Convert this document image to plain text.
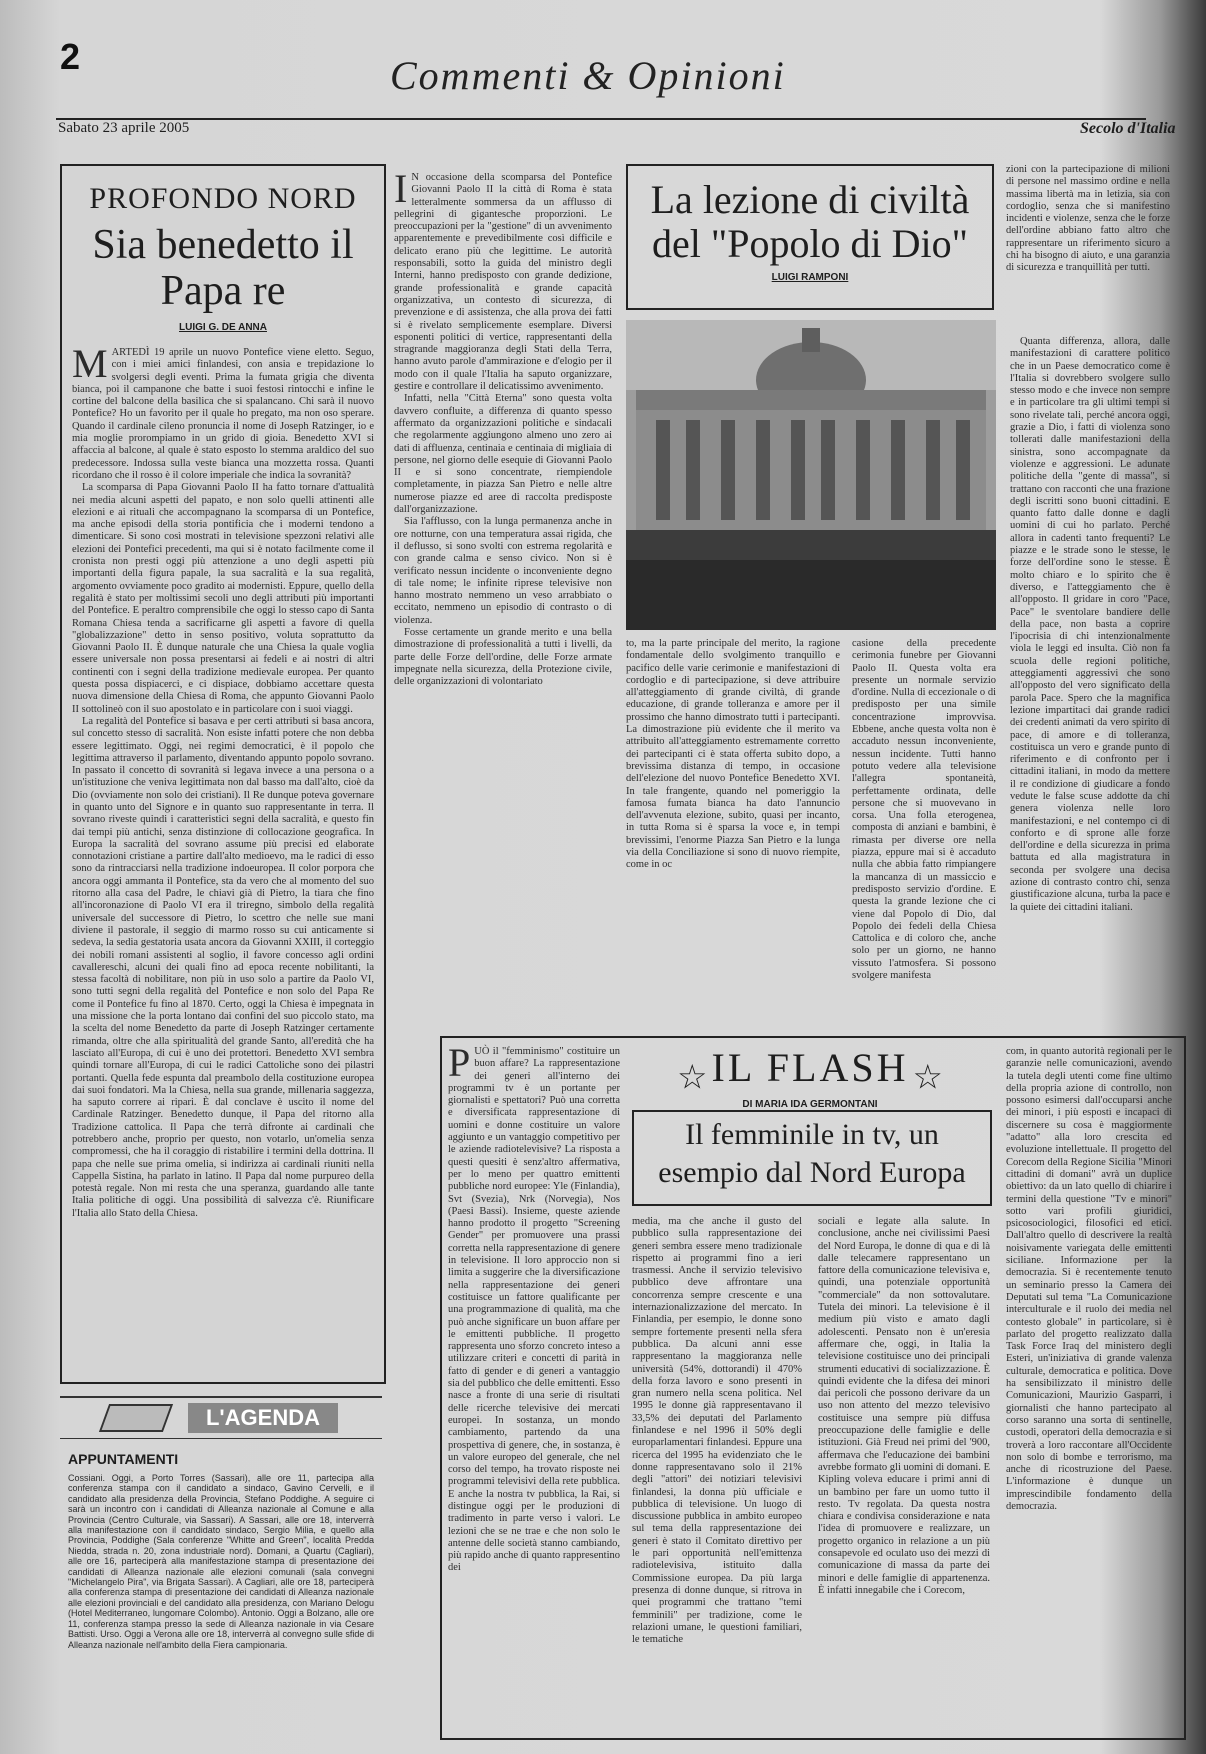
2	Commenti & Opinioni
Sabato 23 aprile 2005	Secolo d'Italia
PROFONDO NORD
Sia benedetto il Papa re
LUIGI G. DE ANNA

MARTEDÌ 19 aprile un nuovo Pontefice viene eletto. Seguo, con i miei amici finlandesi, con ansia e trepidazione lo svolgersi degli eventi. Prima la fumata grigia che diventa bianca, poi il campanone che batte i suoi festosi rintocchi e infine le cortine del balcone della basilica che si spalancano. Chi sarà il nuovo Pontefice? Ho un favorito per il quale ho pregato, ma non oso sperare. Quando il cardinale cileno pronuncia il nome di Joseph Ratzinger, io e mia moglie prorompiamo in un grido di gioia. Benedetto XVI si affaccia al balcone, al quale è stato esposto lo stemma araldico del suo predecessore. Indossa sulla veste bianca una mozzetta rossa. Quanti ricordano che il rosso è il colore imperiale che indica la sovranità?

La scomparsa di Papa Giovanni Paolo II ha fatto tornare d'attualità nei media alcuni aspetti del papato, e non solo quelli attinenti alle elezioni e ai rituali che accompagnano la scomparsa di un Pontefice, ma anche episodi della storia pontificia che i moderni tendono a dimenticare. Si sono così mostrati in televisione spezzoni relativi alle elezioni dei Pontefici precedenti, ma qui si è notato facilmente come il cronista non presti oggi più attenzione a uno degli aspetti più importanti della figura papale, la sua sacralità e la sua regalità, argomento ovviamente poco gradito ai modernisti. Eppure, quello della regalità è stato per moltissimi secoli uno degli attributi più importanti del Pontefice. E peraltro comprensibile che oggi lo stesso capo di Santa Romana Chiesa tenda a sacrificarne gli aspetti a favore di quella "globalizzazione" detto in senso positivo, voluta soprattutto da Giovanni Paolo II. È dunque naturale che una Chiesa la quale voglia essere universale non possa presentarsi ai fedeli e ai nostri di altri continenti con i segni della tradizione medievale europea. Per quanto questa possa dispiacerci, e ci dispiace, dobbiamo accettare questa nuova dimensione della Chiesa di Roma, che appunto Giovanni Paolo II sottolineò con il suo apostolato e in particolare con i suoi viaggi.

La regalità del Pontefice si basava e per certi attributi si basa ancora, sul concetto stesso di sacralità. Non esiste infatti potere che non debba essere legittimato. Oggi, nei regimi democratici, è il popolo che legittima attraverso il parlamento, diventando appunto popolo sovrano. In passato il concetto di sovranità si legava invece a una persona o a un'istituzione che veniva legittimata non dal basso ma dall'alto, cioè da Dio (ovviamente non solo dei cristiani). Il Re dunque poteva governare in quanto unto del Signore e in quanto suo rappresentante in terra. Il sovrano riveste quindi i caratteristici segni della sacralità, e questo fin dai tempi più antichi, senza distinzione di collocazione geografica. In Europa la sacralità del sovrano assume più precisi ed elaborate connotazioni cristiane a partire dall'alto medioevo, ma le radici di esso sono da rintracciarsi nella tradizione indoeuropea. Il color porpora che ancora oggi ammanta il Pontefice, sta da vero che al momento del suo ritorno alla casa del Padre, le chiavi già di Pietro, la tiara che fino all'incoronazione di Paolo VI era il triregno, simbolo della regalità universale del successore di Pietro, lo scettro che nelle sue mani diviene il pastorale, il seggio di marmo rosso su cui anticamente si sedeva, la sedia gestatoria usata ancora da Giovanni XXIII, il corteggio dei nobili romani assistenti al soglio, il favore concesso agli ordini cavallereschi, alcuni dei quali fino ad epoca recente nobilitanti, la stessa facoltà di nobilitare, non più in uso solo a partire da Paolo VI, sono tutti segni della regalità del Pontefice e non solo del Papa Re come il Pontefice fu fino al 1870. Certo, oggi la Chiesa è impegnata in una missione che la porta lontano dai confini del suo piccolo stato, ma la scelta del nome Benedetto da parte di Joseph Ratzinger certamente rimanda, oltre che alla spiritualità del grande Santo, all'eredità che ha lasciato all'Europa, di cui è uno dei protettori. Benedetto XVI sembra quindi tornare all'Europa, di cui le radici Cattoliche sono dei pilastri portanti. Quella fede espunta dal preambolo della costituzione europea dai suoi fondatori. Ma la Chiesa, nella sua grande, millenaria saggezza, ha saputo correre ai ripari. È dal conclave è uscito il nome del Cardinale Ratzinger. Benedetto dunque, il Papa del ritorno alla Tradizione cattolica. Il Papa che terrà difronte ai cardinali che potrebbero anche, proprio per questo, non votarlo, un'omelia senza compromessi, che ha il coraggio di ristabilire i termini della dottrina. Il papa che nelle sue prima omelia, si indirizza ai cardinali riuniti nella Cappella Sistina, ha parlato in latino. Il Papa dal nome purpureo della potestà regale. Non mi resta che una speranza, guardando alle tante Italia politiche di oggi. Una possibilità di salvezza c'è. Riunificare l'Italia allo Stato della Chiesa.

L'AGENDA
APPUNTAMENTI

Cossiani. Oggi, a Porto Torres (Sassari), alle ore 11, partecipa alla conferenza stampa con il candidato a sindaco, Gavino Cervelli, e il candidato alla presidenza della Provincia, Stefano Poddighe. A seguire ci sarà un incontro con i candidati di Alleanza nazionale al Comune e alla Provincia (Centro Culturale, via Sassari). A Sassari, alle ore 18, interverrà alla manifestazione con il candidato sindaco, Sergio Milia, e quello alla Provincia, Poddighe (Sala conferenze "Whitte and Green", località Predda Niedda, strada n. 20, zona industriale nord). Domani, a Quartu (Cagliari), alle ore 16, parteciperà alla manifestazione stampa di presentazione dei candidati di Alleanza nazionale alle elezioni comunali (sala convegni "Michelangelo Pira", via Brigata Sassari). A Cagliari, alle ore 18, parteciperà alla conferenza stampa di presentazione dei candidati di Alleanza nazionale alle elezioni provinciali e del candidato alla presidenza, con Mariano Delogu (Hotel Mediterraneo, lungomare Colombo). Antonio. Oggi a Bolzano, alle ore 11, conferenza stampa presso la sede di Alleanza nazionale in via Cesare Battisti. Urso. Oggi a Verona alle ore 18, interverrà al convegno sulle sfide di Alleanza nazionale nell'ambito della Fiera campionaria.

I N occasione della scomparsa del Pontefice Giovanni Paolo II la città di Roma è stata letteralmente sommersa da un afflusso di pellegrini di gigantesche proporzioni. Le preoccupazioni per la "gestione" di un avvenimento apparentemente e prevedibilmente così difficile e delicato erano più che legittime. Le autorità responsabili, sotto la guida del ministro degli Interni, hanno predisposto con grande dedizione, grande professionalità e grande capacità organizzativa, un contesto di sicurezza, di prevenzione e di assistenza, che alla prova dei fatti si è rivelato semplicemente esemplare. Diversi esponenti politici di vertice, rappresentanti della stragrande maggioranza degli Stati della Terra, hanno avuto parole d'ammirazione e d'elogio per il modo con il quale l'Italia ha saputo organizzare, gestire e controllare il delicatissimo avvenimento.

Infatti, nella "Città Eterna" sono questa volta davvero confluite, a differenza di quanto spesso affermato da organizzazioni politiche e sindacali che regolarmente aggiungono almeno uno zero ai dati di affluenza, centinaia e centinaia di migliaia di persone, nel giorno delle esequie di Giovanni Paolo II e si sono concentrate, riempiendole completamente, in piazza San Pietro e nelle altre numerose piazze ed aree di raccolta predisposte dall'organizzazione.

Sia l'afflusso, con la lunga permanenza anche in ore notturne, con una temperatura assai rigida, che il deflusso, si sono svolti con estrema regolarità e con grande calma e senso civico. Non si è verificato nessun incidente o inconveniente degno di tale nome; le infinite riprese televisive non hanno mostrato nemmeno un veso arrabbiato o eccitato, nemmeno un episodio di contrasto o di violenza.

Fosse certamente un grande merito e una bella dimostrazione di professionalità a tutti i livelli, da parte delle Forze dell'ordine, delle Forze armate impegnate nella sicurezza, della Protezione civile, delle organizzazioni di volontariato

La lezione di civiltà del "Popolo di Dio"
LUIGI RAMPONI

to, ma la parte principale del merito, la ragione fondamentale dello svolgimento tranquillo e pacifico delle varie cerimonie e manifestazioni di cordoglio e di partecipazione, si deve attribuire all'atteggiamento di grande civiltà, di grande educazione, di grande tolleranza e amore per il prossimo che hanno dimostrato tutti i partecipanti. La dimostrazione più evidente che il merito va attribuito all'atteggiamento estremamente corretto dei partecipanti ci è stata offerta subito dopo, a brevissima distanza di tempo, in occasione dell'elezione del nuovo Pontefice Benedetto XVI. In tale frangente, quando nel pomeriggio la famosa fumata bianca ha dato l'annuncio dell'avvenuta elezione, subito, quasi per incanto, in tutta Roma si è sparsa la voce e, in tempi brevissimi, l'enorme Piazza San Pietro e la lunga via della Conciliazione si sono di nuovo riempite, come in oc

casione della precedente cerimonia funebre per Giovanni Paolo II. Questa volta era presente un normale servizio d'ordine. Nulla di eccezionale o di predisposto per una simile concentrazione improvvisa. Ebbene, anche questa volta non è accaduto nessun inconveniente, nessun incidente. Tutti hanno potuto vedere alla televisione l'allegra spontaneità, perfettamente ordinata, delle persone che si muovevano in corsa. Una folla eterogenea, composta di anziani e bambini, è rimasta per diverse ore nella piazza, eppure mai si è accaduto nulla che abbia fatto rimpiangere la mancanza di un massiccio e predisposto servizio d'ordine. E questa la grande lezione che ci viene dal Popolo di Dio, dal Popolo dei fedeli della Chiesa Cattolica e di coloro che, anche solo per un giorno, ne hanno vissuto l'atmosfera. Si possono svolgere manifesta

zioni con la partecipazione di milioni di persone nel massimo ordine e nella massima libertà ma in letizia, sia con cordoglio, senza che si manifestino incidenti e violenze, senza che le forze dell'ordine abbiano fatto altro che rappresentare un riferimento sicuro a chi ha bisogno di aiuto, e una garanzia di sicurezza e tranquillità per tutti.

Quanta differenza, allora, dalle manifestazioni di carattere politico che in un Paese democratico come è l'Italia si dovrebbero svolgere sullo stesso modo e che invece non sempre e in particolare tra gli ultimi tempi si sono rivelate tali, perché ancora oggi, grazie a Dio, i fatti di violenza sono tollerati dalle manifestazioni della sinistra, sono accompagnate da violenze e aggressioni. Le adunate politiche della "gente di massa", si trattano con racconti che una frazione degli iscritti sono buoni cittadini. E quanto fatto dalle donne e dagli uomini di cui ho parlato. Perché allora in cadenti tanto frequenti? Le piazze e le strade sono le stesse, le forze dell'ordine sono le stesse. È molto chiaro e lo spirito che è diverso, e l'atteggiamento che è all'opposto. Il gridare in coro "Pace, Pace" le sventolare bandiere delle della pace, non basta a coprire l'ipocrisia di chi intenzionalmente viola le leggi ed insulta. Ciò non fa scuola delle regioni politiche, atteggiamenti aggressivi che sono all'opposto del vero significato della parola Pace. Spero che la magnifica lezione impartitaci dai grande radici dei credenti animati da vero spirito di pace, di amore e di tolleranza, costituisca un vero e grande punto di riferimento e di confronto per i cittadini italiani, in modo da mettere il re condizione di giudicare a fondo vedute le false scuse addotte da chi genera violenza nelle loro manifestazioni, e nel contempo ci di conforto e di sprone alle forze dell'ordine e della sicurezza in prima battuta ed alla magistratura in seconda per svolgere una decisa azione di contrasto contro chi, senza giustificazione alcuna, turba la pace e la quiete dei cittadini italiani.

☆ IL FLASH ☆
DI MARIA IDA GERMONTANI
Il femminile in tv, un esempio dal Nord Europa

PUÒ il "femminismo" costituire un buon affare? La rappresentazione dei generi all'interno dei programmi tv è un portante per giornalisti e spettatori? Può una corretta e diversificata rappresentazione di uomini e donne costituire un valore aggiunto e un vantaggio competitivo per le aziende radiotelevisive? La risposta a questi quesiti è senz'altro affermativa, per lo meno per quattro emittenti pubbliche nord europee: Yle (Finlandia), Svt (Svezia), Nrk (Norvegia), Nos (Paesi Bassi). Insieme, queste aziende hanno prodotto il progetto "Screening Gender" per promuovere una prassi corretta nella rappresentazione di genere in televisione. Il loro approccio non si limita a suggerire che la diversificazione nella rappresentazione dei generi costituisce un fattore qualificante per una programmazione di qualità, ma che può anche significare un buon affare per le emittenti pubbliche. Il progetto rappresenta uno sforzo concreto inteso a utilizzare criteri e concetti di parità in fatto di gender e di generi a vantaggio sia del pubblico che delle emittenti. Esso nasce a fronte di una serie di risultati delle ricerche televisive dei mercati europei. In sostanza, un mondo cambiamento, partendo da una prospettiva di genere, che, in sostanza, è un valore europeo del generale, che nel corso del tempo, ha trovato risposte nei programmi televisivi della rete pubblica. E anche la nostra tv pubblica, la Rai, si distingue oggi per le produzioni di tradimento in parte verso i valori. Le lezioni che se ne trae e che non solo le antenne delle società stanno cambiando, più rapido anche di quanto rappresentino dei

media, ma che anche il gusto del pubblico sulla rappresentazione dei generi sembra essere meno tradizionale rispetto ai programmi fino a ieri trasmessi. Anche il servizio televisivo pubblico deve affrontare una concorrenza sempre crescente e una internazionalizzazione del mercato. In Finlandia, per esempio, le donne sono sempre fortemente presenti nella sfera pubblica. Da alcuni anni esse rappresentano la maggioranza nelle università (54%, dottorandi) il 470% della forza lavoro e sono presenti in gran numero nella scena politica. Nel 1995 le donne già rappresentavano il 33,5% dei deputati del Parlamento finlandese e nel 1996 il 50% degli europarlamentari finlandesi. Eppure una ricerca del 1995 ha evidenziato che le donne rappresentavano solo il 21% degli "attori" dei notiziari televisivi finlandesi, la donna più ufficiale e pubblica di televisione. Un luogo di discussione pubblica in ambito europeo sul tema della rappresentazione dei generi è stato il Comitato direttivo per le pari opportunità nell'emittenza radiotelevisiva, istituito dalla Commissione europea. Da più larga presenza di donne dunque, si ritrova in quei programmi che trattano "temi femminili" per tradizione, come le relazioni umane, le questioni familiari, le tematiche

sociali e legate alla salute. In conclusione, anche nei civilissimi Paesi del Nord Europa, le donne di qua e di là dalle telecamere rappresentano un fattore della comunicazione televisiva e, quindi, una potenziale opportunità "commerciale" da non sottovalutare. Tutela dei minori. La televisione è il medium più visto e amato dagli adolescenti. Pensato non è un'eresia affermare che, oggi, in Italia la televisione costituisce uno dei principali strumenti educativi di socializzazione. È quindi evidente che la difesa dei minori dai pericoli che possono derivare da un uso non attento del mezzo televisivo costituisce una sempre più diffusa preoccupazione delle famiglie e delle istituzioni. Già Freud nei primi del '900, affermava che l'educazione dei bambini avrebbe formato gli uomini di domani. E Kipling voleva educare i primi anni di un bambino per fare un uomo tutto il resto. Tv regolata. Da questa nostra chiara e condivisa considerazione e nata l'idea di promuovere e realizzare, un progetto organico in relazione a un più consapevole ed oculato uso dei mezzi di comunicazione di massa da parte dei minori e delle famiglie di appartenenza. È infatti innegabile che i Corecom,

com, in quanto autorità regionali per le garanzie nelle comunicazioni, avendo la tutela degli utenti come fine ultimo della propria azione di controllo, non possono esimersi dall'occuparsi anche dei minori, i più esposti e incapaci di discernere su cosa è maggiormente "adatto" alla loro crescita ed evoluzione intellettuale. Il progetto del Corecom della Regione Sicilia "Minori cittadini di domani" avrà un duplice obiettivo: da un lato quello di chiarire i termini della questione "Tv e minori" sotto vari profili giuridici, psicosociologici, filosofici ed etici. Dall'altro quello di descrivere la realtà noisivamente variegata delle emittenti siciliane. Informazione per la democrazia. Si è recentemente tenuto un seminario presso la Camera dei Deputati sul tema "La Comunicazione interculturale e il ruolo dei media nel contesto globale" in particolare, si è parlato del progetto realizzato dalla Task Force Iraq del ministero degli Esteri, un'iniziativa di grande valenza culturale, democratica e politica. Dove ha sensibilizzato il ministro delle Comunicazioni, Maurizio Gasparri, i giornalisti che hanno partecipato al corso saranno una sorta di sentinelle, custodi, operatori della democrazia e si troverà a loro raccontare all'Occidente non solo di bombe e terrorismo, ma anche di ricostruzione del Paese. L'informazione è dunque un imprescindibile fondamento della democrazia.
